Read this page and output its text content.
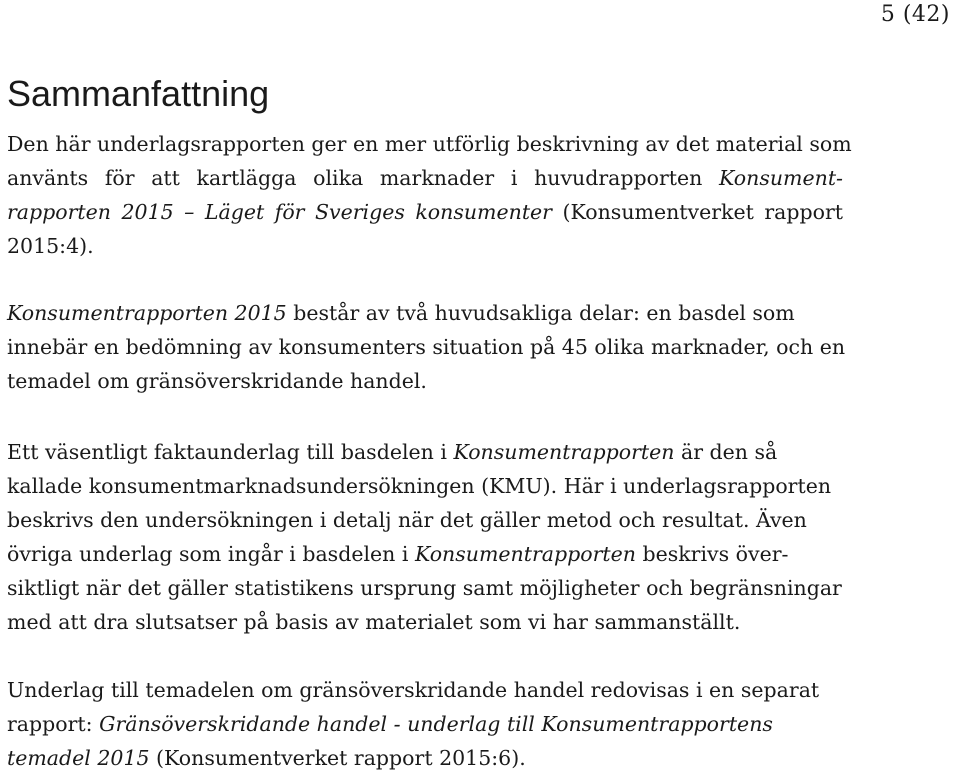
5 (42)
Sammanfattning
Den här underlagsrapporten ger en mer utförlig beskrivning av det material som
använts för att kartlägga olika marknader i huvudrapporten Konsument-
rapporten 2015 – Läget för Sveriges konsumenter (Konsumentverket rapport
2015:4).
Konsumentrapporten 2015 består av två huvudsakliga delar: en basdel som
innebär en bedömning av konsumenters situation på 45 olika marknader, och en
temadel om gränsöverskridande handel.
Ett väsentligt faktaunderlag till basdelen i Konsumentrapporten är den så
kallade konsumentmarknadsundersökningen (KMU). Här i underlagsrapporten
beskrivs den undersökningen i detalj när det gäller metod och resultat. Även
övriga underlag som ingår i basdelen i Konsumentrapporten beskrivs över-
siktligt när det gäller statistikens ursprung samt möjligheter och begränsningar
med att dra slutsatser på basis av materialet som vi har sammanställt.
Underlag till temadelen om gränsöverskridande handel redovisas i en separat
rapport: Gränsöverskridande handel - underlag till Konsumentrapportens
temadel 2015 (Konsumentverket rapport 2015:6).
